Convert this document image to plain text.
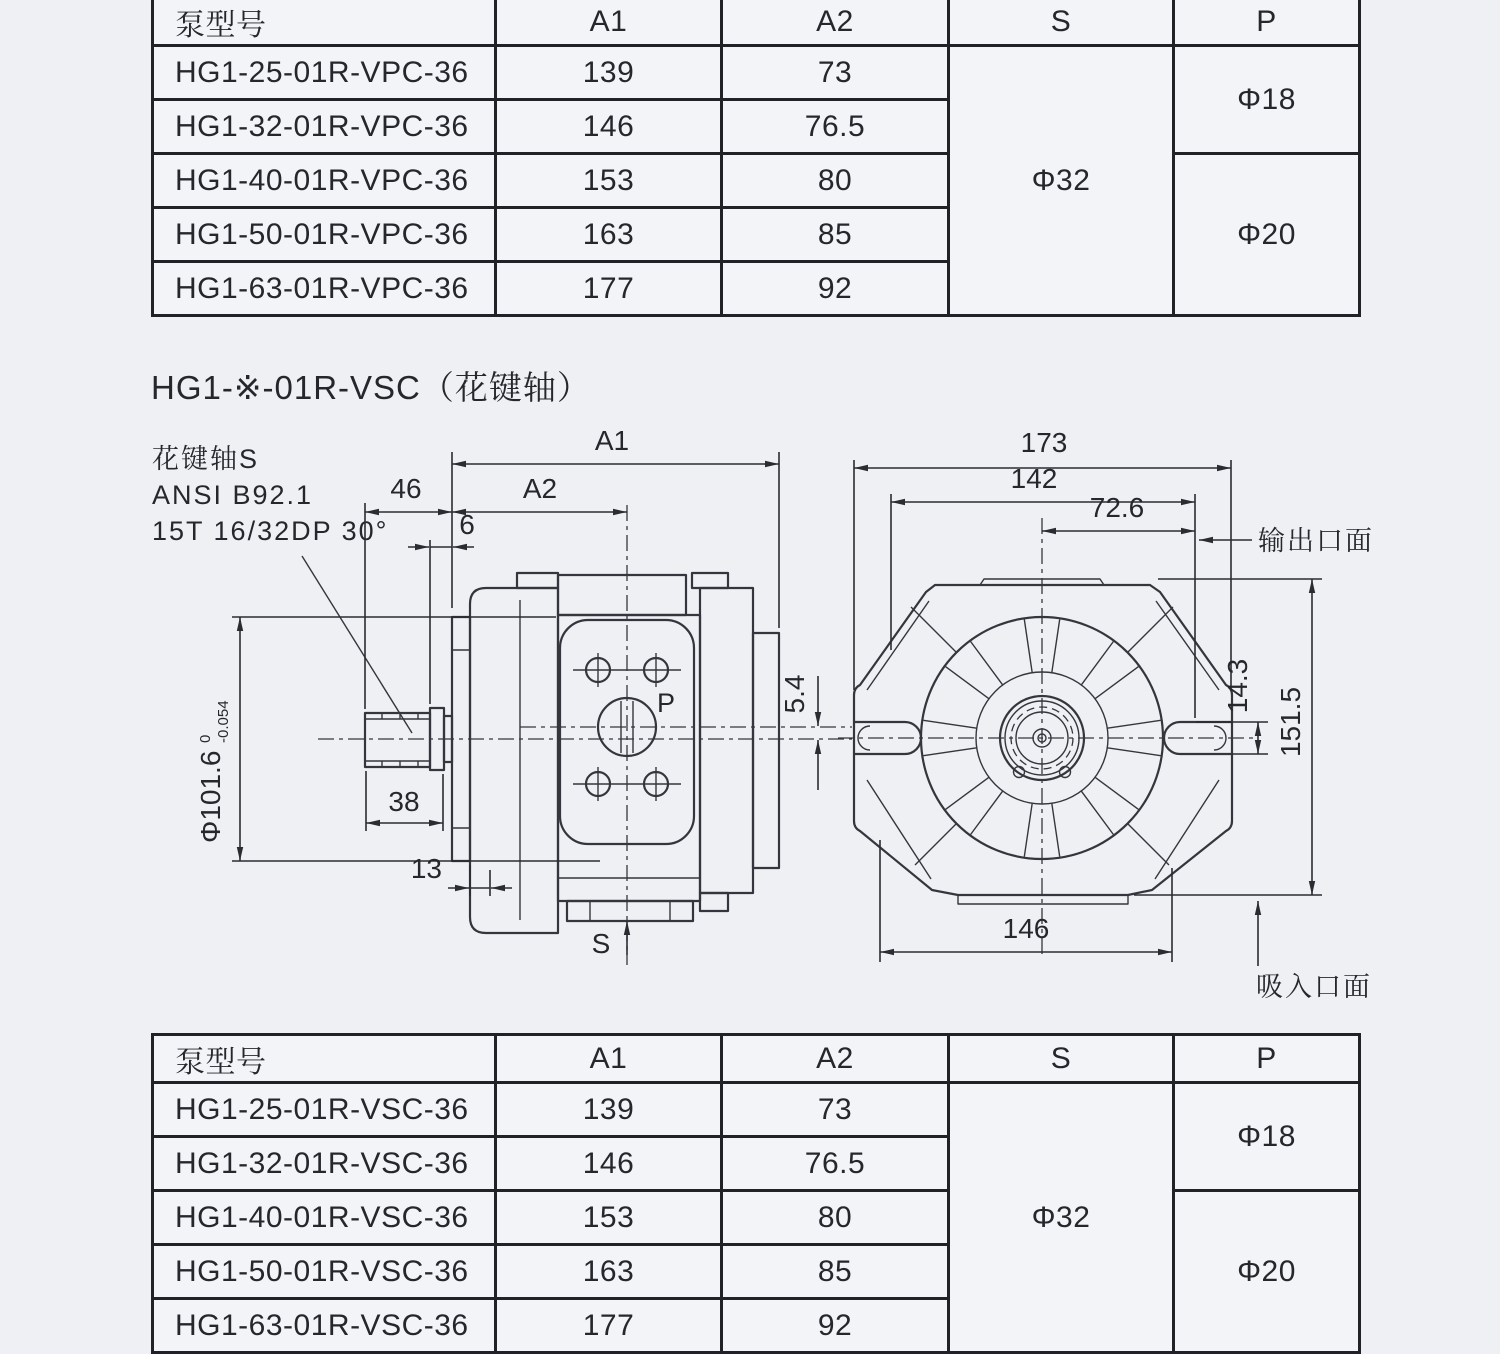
泵型号	A1	A2	S	P
HG1-25-01R-VPC-36	139	73	Φ32	Φ18
HG1-32-01R-VPC-36	146	76.5		
HG1-40-01R-VPC-36	153	80		Φ20
HG1-50-01R-VPC-36	163	85		
HG1-63-01R-VPC-36	177	92		
HG1-※-01R-VSC（花键轴）
花键轴S
ANSI B92.1
15T 16/32DP 30°
P
S
A1
46	A2
6
Φ101.6
0 -0.054
38
13
5.4
173
142
72.6
输出口面
14.3
151.5
146
吸入口面
泵型号	A1	A2	S	P
HG1-25-01R-VSC-36	139	73	Φ32	Φ18
HG1-32-01R-VSC-36	146	76.5		
HG1-40-01R-VSC-36	153	80		Φ20
HG1-50-01R-VSC-36	163	85		
HG1-63-01R-VSC-36	177	92		
